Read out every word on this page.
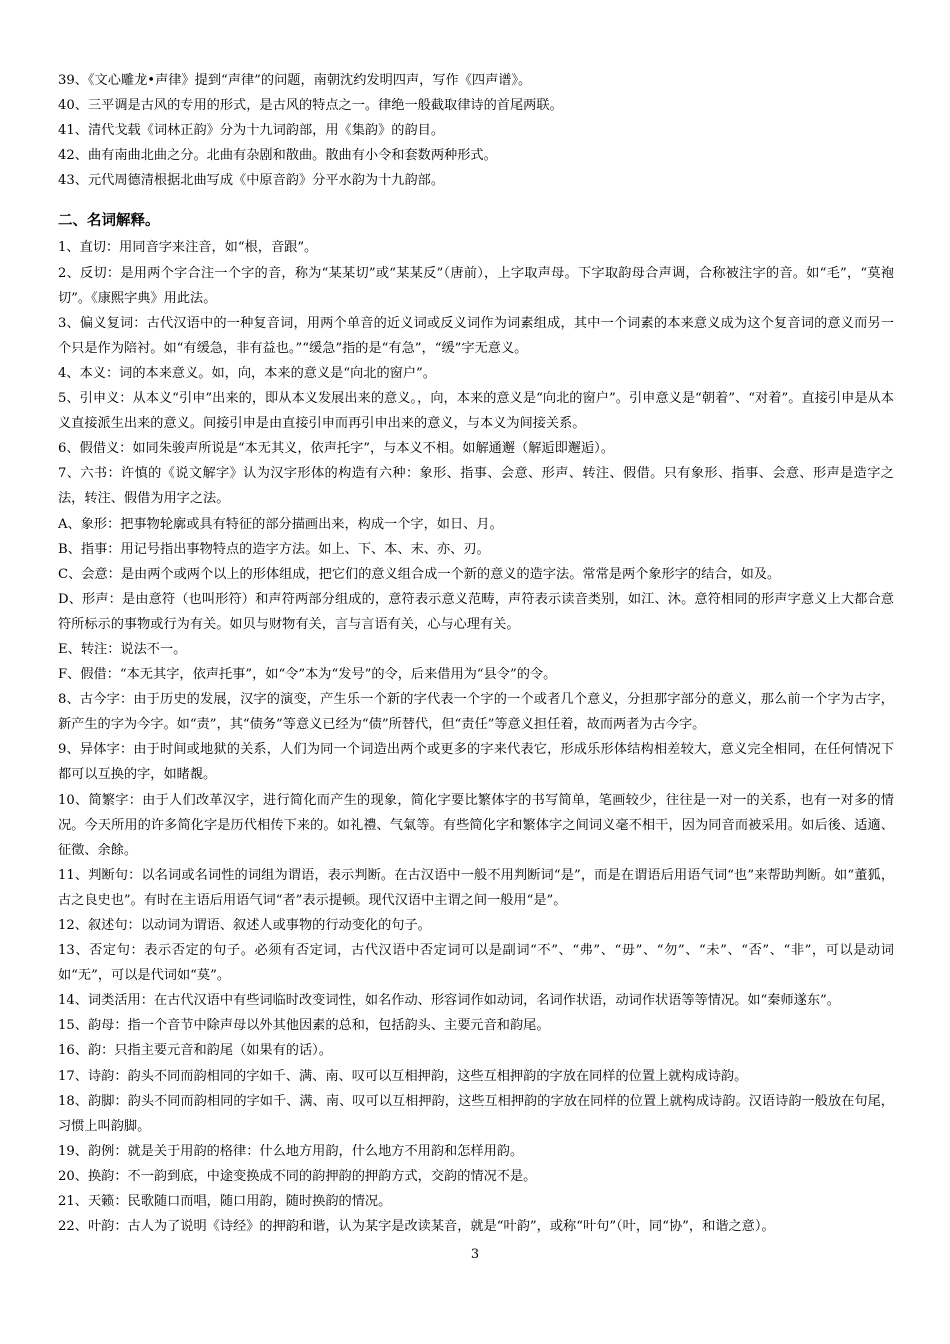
39、《文心雕龙•声律》提到“声律”的问题，南朝沈约发明四声，写作《四声谱》。

40、三平调是古风的专用的形式，是古风的特点之一。律绝一般截取律诗的首尾两联。

41、清代戈载《词林正韵》分为十九词韵部，用《集韵》的韵目。

42、曲有南曲北曲之分。北曲有杂剧和散曲。散曲有小令和套数两种形式。

43、元代周德清根据北曲写成《中原音韵》分平水韵为十九韵部。

二、名词解释。

1、直切：用同音字来注音，如“根，音跟”。

2、反切：是用两个字合注一个字的音，称为“某某切”或“某某反”（唐前），上字取声母。下字取韵母合声调，合称被注字的音。如“毛”，“莫袍切”。《康熙字典》用此法。

3、偏义复词：古代汉语中的一种复音词，用两个单音的近义词或反义词作为词素组成，其中一个词素的本来意义成为这个复音词的意义而另一个只是作为陪衬。如“有缓急，非有益也。”“缓急”指的是“有急”，“缓”字无意义。

4、本义：词的本来意义。如，向，本来的意义是“向北的窗户”。

5、引申义：从本义“引申”出来的，即从本义发展出来的意义。，向，本来的意义是“向北的窗户”。引申意义是“朝着”、“对着”。直接引申是从本义直接派生出来的意义。间接引申是由直接引申而再引申出来的意义，与本义为间接关系。

6、假借义：如同朱骏声所说是“本无其义，依声托字”，与本义不相。如解通邂（解逅即邂逅）。

7、六书：许慎的《说文解字》认为汉字形体的构造有六种：象形、指事、会意、形声、转注、假借。只有象形、指事、会意、形声是造字之法，转注、假借为用字之法。

A、象形：把事物轮廓或具有特征的部分描画出来，构成一个字，如日、月。

B、指事：用记号指出事物特点的造字方法。如上、下、本、末、亦、刃。

C、会意：是由两个或两个以上的形体组成，把它们的意义组合成一个新的意义的造字法。常常是两个象形字的结合，如及。

D、形声：是由意符（也叫形符）和声符两部分组成的，意符表示意义范畴，声符表示读音类别，如江、沐。意符相同的形声字意义上大都合意符所标示的事物或行为有关。如贝与财物有关，言与言语有关，心与心理有关。

E、转注：说法不一。

F、假借：“本无其字，依声托事”，如“令”本为“发号”的令，后来借用为“县令”的令。

8、古今字：由于历史的发展，汉字的演变，产生乐一个新的字代表一个字的一个或者几个意义，分担那字部分的意义，那么前一个字为古字，新产生的字为今字。如“责”，其“债务”等意义已经为“债”所替代，但“责任”等意义担任着，故而两者为古今字。

9、异体字：由于时间或地狱的关系，人们为同一个词造出两个或更多的字来代表它，形成乐形体结构相差较大，意义完全相同，在任何情况下都可以互换的字，如睹覩。

10、简繁字：由于人们改革汉字，进行简化而产生的现象，简化字要比繁体字的书写简单，笔画较少，往往是一对一的关系，也有一对多的情况。今天所用的许多简化字是历代相传下来的。如礼禮、气氣等。有些简化字和繁体字之间词义毫不相干，因为同音而被采用。如后後、适適、征徵、余餘。

11、判断句：以名词或名词性的词组为谓语，表示判断。在古汉语中一般不用判断词“是”，而是在谓语后用语气词“也”来帮助判断。如“董狐，古之良史也”。有时在主语后用语气词“者”表示提顿。现代汉语中主谓之间一般用“是”。

12、叙述句：以动词为谓语、叙述人或事物的行动变化的句子。

13、否定句：表示否定的句子。必须有否定词，古代汉语中否定词可以是副词“不”、“弗”、“毋”、“勿”、“未”、“否”、“非”，可以是动词如“无”，可以是代词如“莫”。

14、词类活用：在古代汉语中有些词临时改变词性，如名作动、形容词作如动词，名词作状语，动词作状语等等情况。如“秦师遂东”。

15、韵母：指一个音节中除声母以外其他因素的总和，包括韵头、主要元音和韵尾。

16、韵：只指主要元音和韵尾（如果有的话）。

17、诗韵：韵头不同而韵相同的字如千、满、南、叹可以互相押韵，这些互相押韵的字放在同样的位置上就构成诗韵。

18、韵脚：韵头不同而韵相同的字如千、满、南、叹可以互相押韵，这些互相押韵的字放在同样的位置上就构成诗韵。汉语诗韵一般放在句尾，习惯上叫韵脚。

19、韵例：就是关于用韵的格律：什么地方用韵，什么地方不用韵和怎样用韵。

20、换韵：不一韵到底，中途变换成不同的韵押韵的押韵方式，交韵的情况不是。

21、天籁：民歌随口而唱，随口用韵，随时换韵的情况。

22、叶韵：古人为了说明《诗经》的押韵和谐，认为某字是改读某音，就是“叶韵”，或称“叶句”（叶，同“协”，和谐之意）。

3
